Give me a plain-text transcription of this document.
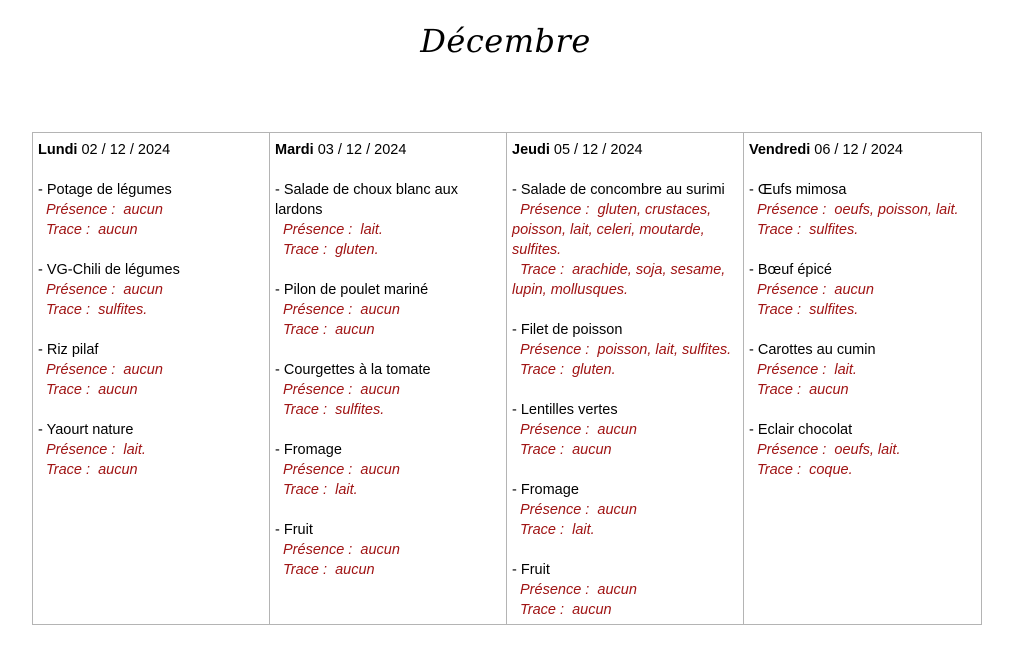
Décembre
Lundi 02 / 12 / 2024
- Potage de légumes
Présence : aucun
Trace : aucun
- VG-Chili de légumes
Présence : aucun
Trace : sulfites.
- Riz pilaf
Présence : aucun
Trace : aucun
- Yaourt nature
Présence : lait.
Trace : aucun
Mardi 03 / 12 / 2024
- Salade de choux blanc aux lardons
Présence : lait.
Trace : gluten.
- Pilon de poulet mariné
Présence : aucun
Trace : aucun
- Courgettes à la tomate
Présence : aucun
Trace : sulfites.
- Fromage
Présence : aucun
Trace : lait.
- Fruit
Présence : aucun
Trace : aucun
Jeudi 05 / 12 / 2024
- Salade de concombre au surimi
Présence : gluten, crustaces, poisson, lait, celeri, moutarde, sulfites.
Trace : arachide, soja, sesame, lupin, mollusques.
- Filet de poisson
Présence : poisson, lait, sulfites.
Trace : gluten.
- Lentilles vertes
Présence : aucun
Trace : aucun
- Fromage
Présence : aucun
Trace : lait.
- Fruit
Présence : aucun
Trace : aucun
Vendredi 06 / 12 / 2024
- Œufs mimosa
Présence : oeufs, poisson, lait.
Trace : sulfites.
- Bœuf épicé
Présence : aucun
Trace : sulfites.
- Carottes au cumin
Présence : lait.
Trace : aucun
- Eclair chocolat
Présence : oeufs, lait.
Trace : coque.
